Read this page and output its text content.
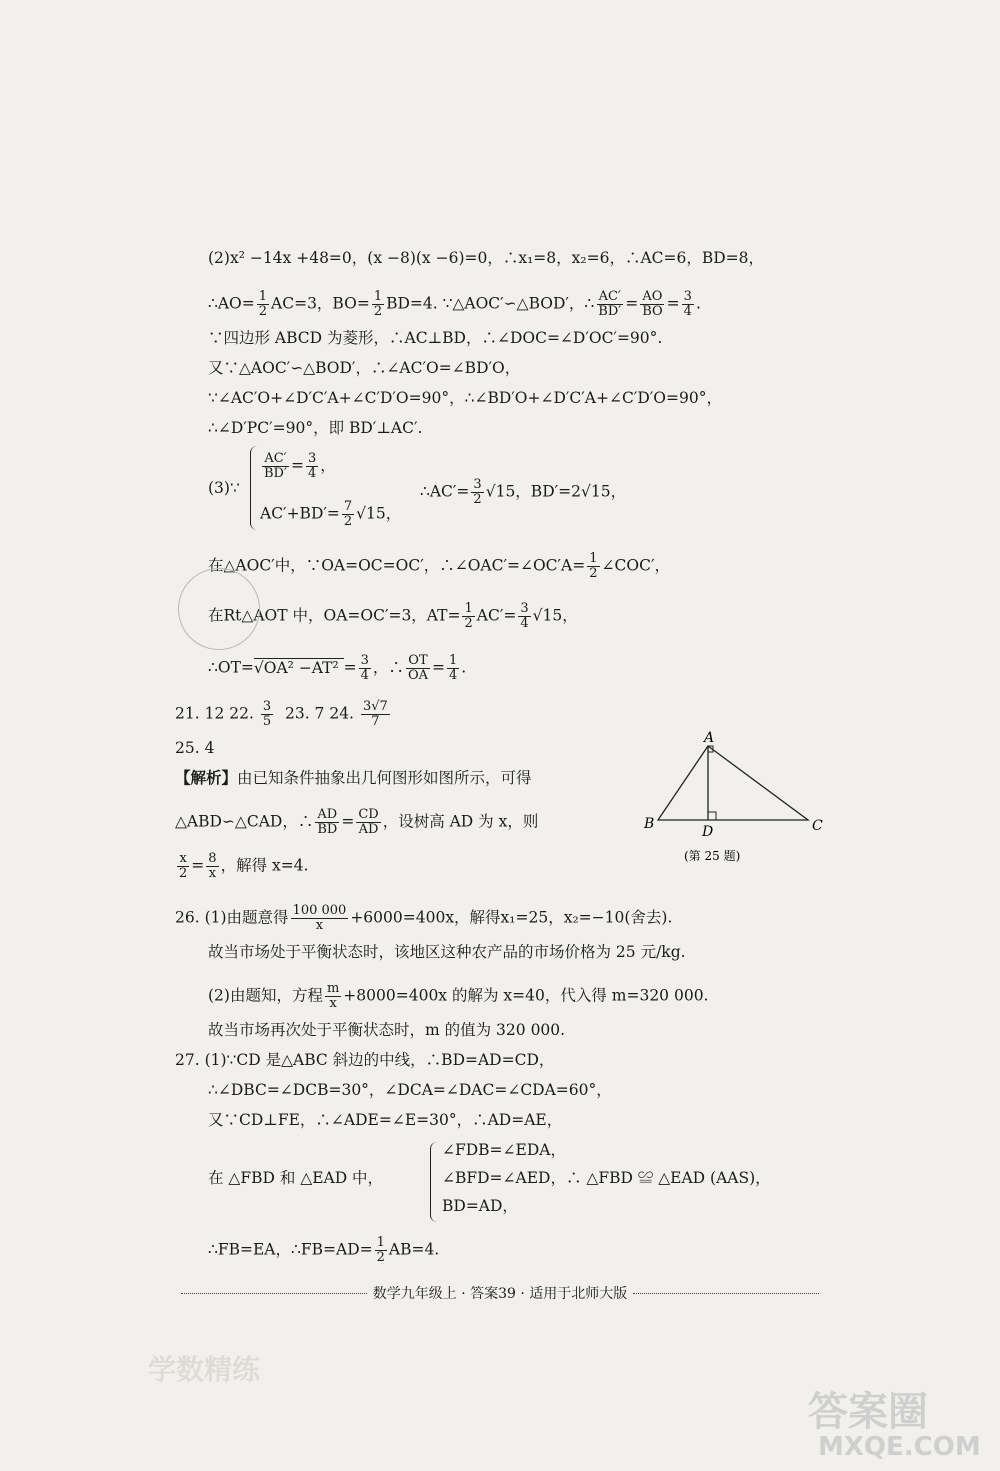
(2)x² −14x +48=0，(x −8)(x −6)=0，∴x₁=8，x₂=6，∴AC=6，BD=8，
∴AO= $\frac{1}{2} AC=3$，$BO= \frac{1}{2} BD=4$. ∵△AOC′∽△BOD′，∴ $\frac{AC'}{BD'} = \frac{AO}{BO} = \frac{3}{4}$ .
∵四边形 ABCD 为菱形，∴AC⊥BD，∴∠DOC=∠D′OC′=90°.
又∵△AOC′∽△BOD′，∴∠AC′O=∠BD′O，
∵∠AC′O+∠D′C′A+∠C′D′O=90°，∴∠BD′O+∠D′C′A+∠C′D′O=90°，
∴∠D′PC′=90°，即 BD′⊥AC′.
(3)∵
$\frac{AC'}{BD'} = \frac{3}{4}$ ，
$AC'+BD'= \frac{7}{2} √15$，
∴AC′= $\frac{3}{2} √15$，BD′=2√15，
在△AOC′中，∵OA=OC=OC′，∴∠OAC′=∠OC′A= $\frac{1}{2}$ ∠COC′，
在Rt△AOT 中，OA=OC′=3，$AT= \frac{1}{2} AC'= \frac{3}{4} √15$，
∴OT=√OA² $-AT^2 = \frac{3}{4}$ ，∴ $\frac{OT}{OA} = \frac{1}{4}$ .
21. 12 22. $\frac{3}{5} 23$. 7 24. $\frac{3√7}{7}$
25. 4
【解析】由已知条件抽象出几何图形如图所示，可得
△ABD∽△CAD，∴ $\frac{AD}{BD} = \frac{CD}{AD}$ ，设树高 AD 为 x，则
$\frac{x}{2} = \frac{8}{x}$ ，解得 x=4.
A
B	C
D
(第 25 题)
26. (1)由题意得 $\frac{100 000}{x} +6000=400x$，解得x₁=25，x₂=−10(舍去).
故当市场处于平衡状态时，该地区这种农产品的市场价格为 25 元/kg.
(2)由题知，方程 $\frac{m}{x} +8000=400x$ 的解为 x=40，代入得 m=320 000.
故当市场再次处于平衡状态时，m 的值为 320 000.
27. (1)∵CD 是△ABC 斜边的中线，∴BD=AD=CD，
∴∠DBC=∠DCB=30°，∠DCA=∠DAC=∠CDA=60°，
又∵CD⊥FE，∴∠ADE=∠E=30°，∴AD=AE，
在 △FBD 和 △EAD 中，
∠FDB=∠EDA，
∠BFD=∠AED，∴ △FBD ≌ △EAD (AAS)，
BD=AD，
∴FB=EA，∴FB=AD= $\frac{1}{2} AB=4$.
数学九年级上 · 答案39 · 适用于北师大版
学数精练
答案圈
MXQE.COM
